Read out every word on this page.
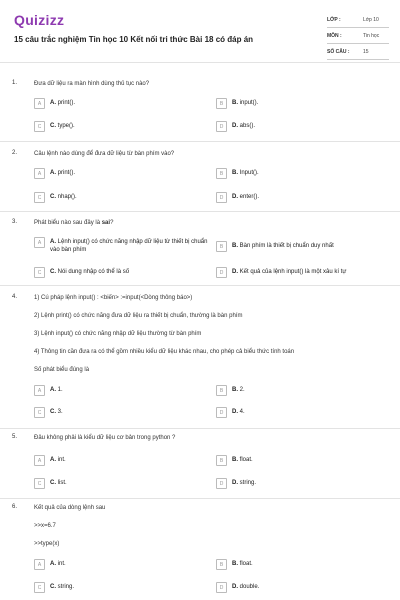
Quizizz
15 câu trắc nghiệm Tin học 10 Kết nối tri thức Bài 18 có đáp án
LỚP :	Lớp 10
MÔN :	Tin học
SỐ CÂU :	15
1.	Đưa dữ liệu ra màn hình dùng thủ tục nào?
A	A. print().	B	B. input().
C	C. type().	D	D. abs().
2.	Câu lệnh nào dùng để đưa dữ liệu từ bàn phím vào?
A	A. print().	B	B. Input().
C	C. nhap().	D	D. enter().
3.	Phát biểu nào sau đây là sai?
A	A. Lệnh input() có chức năng nhập dữ liệu từ thiết bị chuẩn vào bàn phím
B	B. Bàn phím là thiết bị chuẩn duy nhất
C	C. Nói dung nhập có thể là số	D	D. Kết quả của lệnh input() là một xâu kí tự
4.	1) Cú pháp lệnh input() : <biến> :=input(<Dòng thông báo>)
2) Lệnh print() có chức năng đưa dữ liệu ra thiết bị chuẩn, thường là bàn phím
3) Lệnh input() có chức năng nhập dữ liệu thường từ bàn phím
4) Thông tin cần đưa ra có thể gồm nhiều kiểu dữ liệu khác nhau, cho phép cả biểu thức tính toán
Số phát biểu đúng là
A	A. 1.	B	B. 2.
C	C. 3.	D	D. 4.
5.	Đâu không phải là kiểu dữ liệu cơ bản trong python ?
A	A. int.	B	B. float.
C	C. list.	D	D. string.
6.	Kết quả của dòng lệnh sau
>>x=6.7
>>type(x)
A	A. int.	B	B. float.
C	C. string.	D	D. double.
